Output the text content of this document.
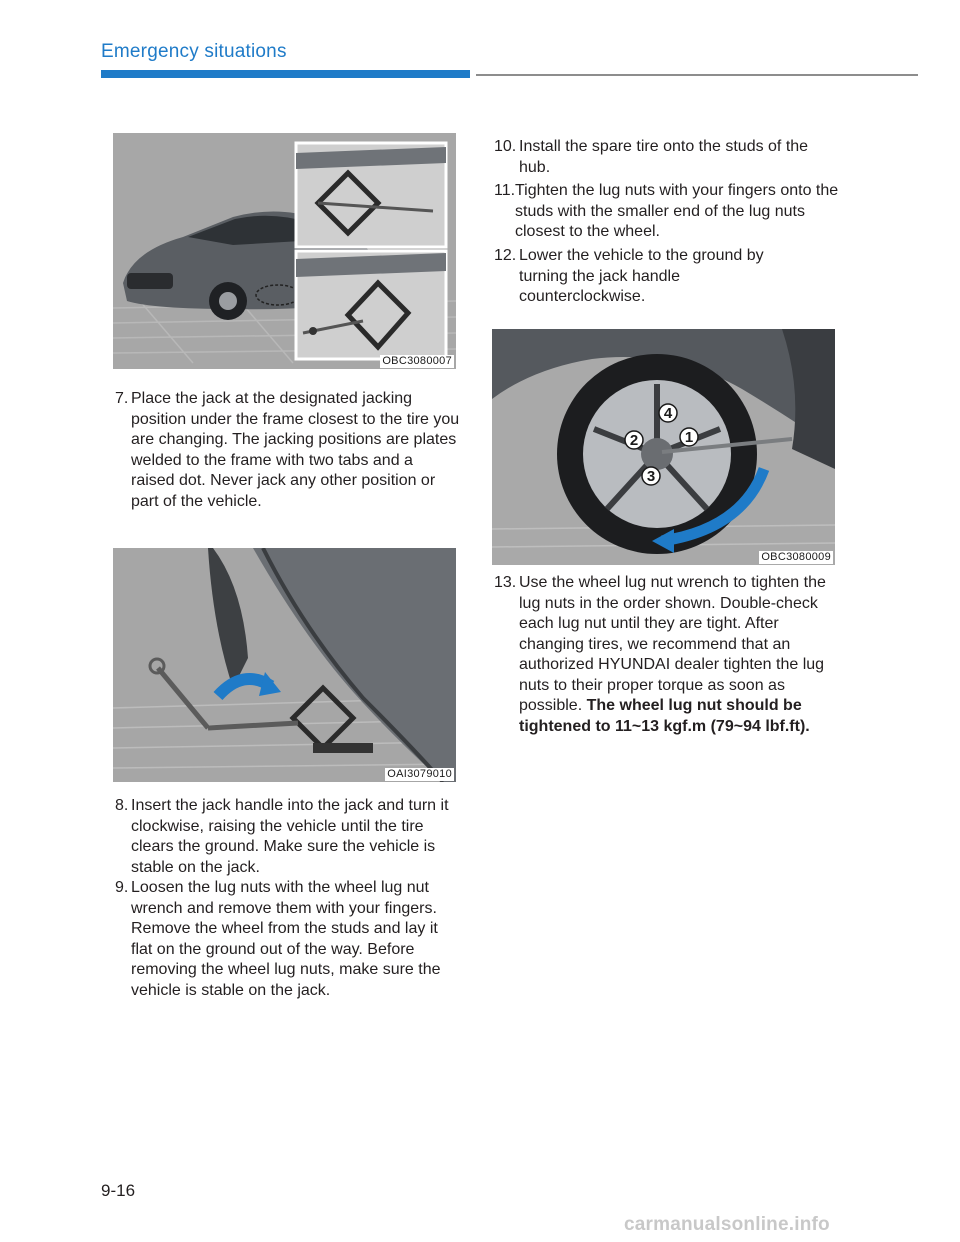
Emergency situations
OBC3080007
7. Place the jack at the designated jacking position under the frame closest to the tire you are changing. The jacking positions are plates welded to the frame with two tabs and a raised dot. Never jack any other position or part of the vehicle.
OAI3079010
8. Insert the jack handle into the jack and turn it clockwise, raising the vehicle until the tire clears the ground. Make sure the vehicle is stable on the jack.
9. Loosen the lug nuts with the wheel lug nut wrench and remove them with your fingers. Remove the wheel from the studs and lay it flat on the ground out of the way. Before removing the wheel lug nuts, make sure the vehicle is stable on the jack.
10. Install the spare tire onto the studs of the hub.
11. Tighten the lug nuts with your fingers onto the studs with the smaller end of the lug nuts closest to the wheel.
12. Lower the vehicle to the ground by turning the jack handle counterclockwise.
1
2
3
4
OBC3080009
13. Use the wheel lug nut wrench to tighten the lug nuts in the order shown. Double-check each lug nut until they are tight. After changing tires, we recommend that an authorized HYUNDAI dealer tighten the lug nuts to their proper torque as soon as possible. The wheel lug nut should be tightened to 11~13 kgf.m (79~94 lbf.ft).
9-16
carmanualsonline.info
